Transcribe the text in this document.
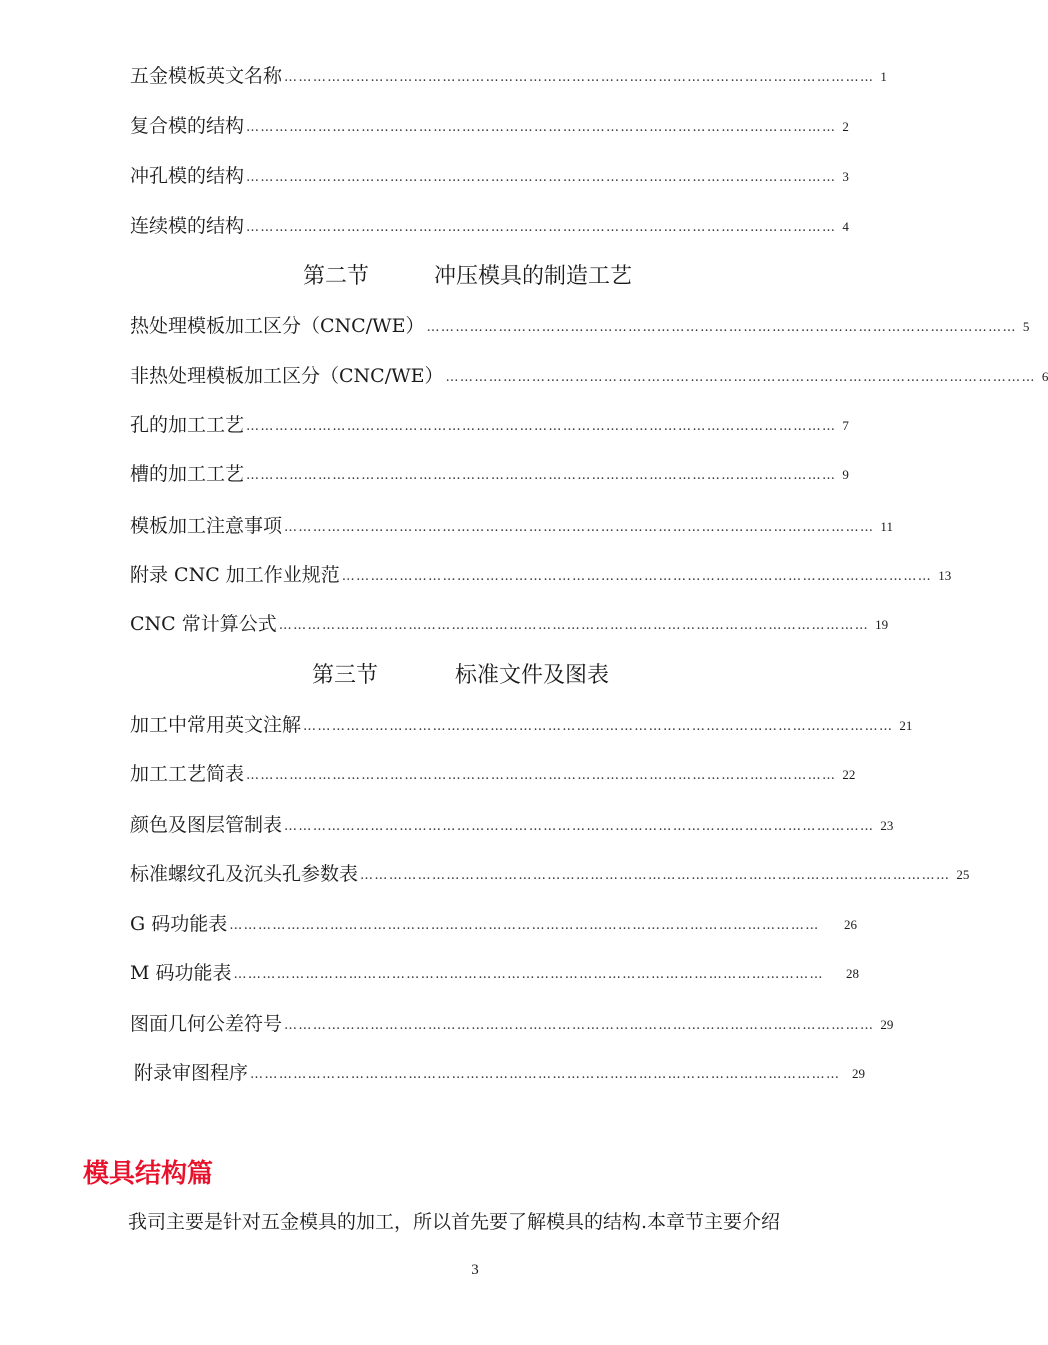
五金模板英文名称 …………………………………………………………………………………………………………… 1
复合模的结构 …………………………………………………………………………………………………………… 2
冲孔模的结构 …………………………………………………………………………………………………………… 3
连续模的结构 …………………………………………………………………………………………………………… 4
第二节	冲压模具的制造工艺
热处理模板加工区分（CNC/WE） …………………………………………………………………………………………………………… 5
非热处理模板加工区分（CNC/WE） …………………………………………………………………………………………………………… 6
孔的加工工艺 …………………………………………………………………………………………………………… 7
槽的加工工艺 …………………………………………………………………………………………………………… 9
模板加工注意事项 …………………………………………………………………………………………………………… 11
附录 CNC 加工作业规范 …………………………………………………………………………………………………………… 13
CNC 常计算公式 …………………………………………………………………………………………………………… 19
第三节	标准文件及图表
加工中常用英文注解 …………………………………………………………………………………………………………… 21
加工工艺简表 …………………………………………………………………………………………………………… 22
颜色及图层管制表 …………………………………………………………………………………………………………… 23
标准螺纹孔及沉头孔参数表 …………………………………………………………………………………………………………… 25
G 码功能表 ……………………………………………………………………………………………………………	26
M 码功能表 ……………………………………………………………………………………………………………	28
图面几何公差符号 …………………………………………………………………………………………………………… 29
附录审图程序 …………………………………………………………………………………………………………… 29
模具结构篇
我司主要是针对五金模具的加工，所以首先要了解模具的结构.本章节主要介绍
3
